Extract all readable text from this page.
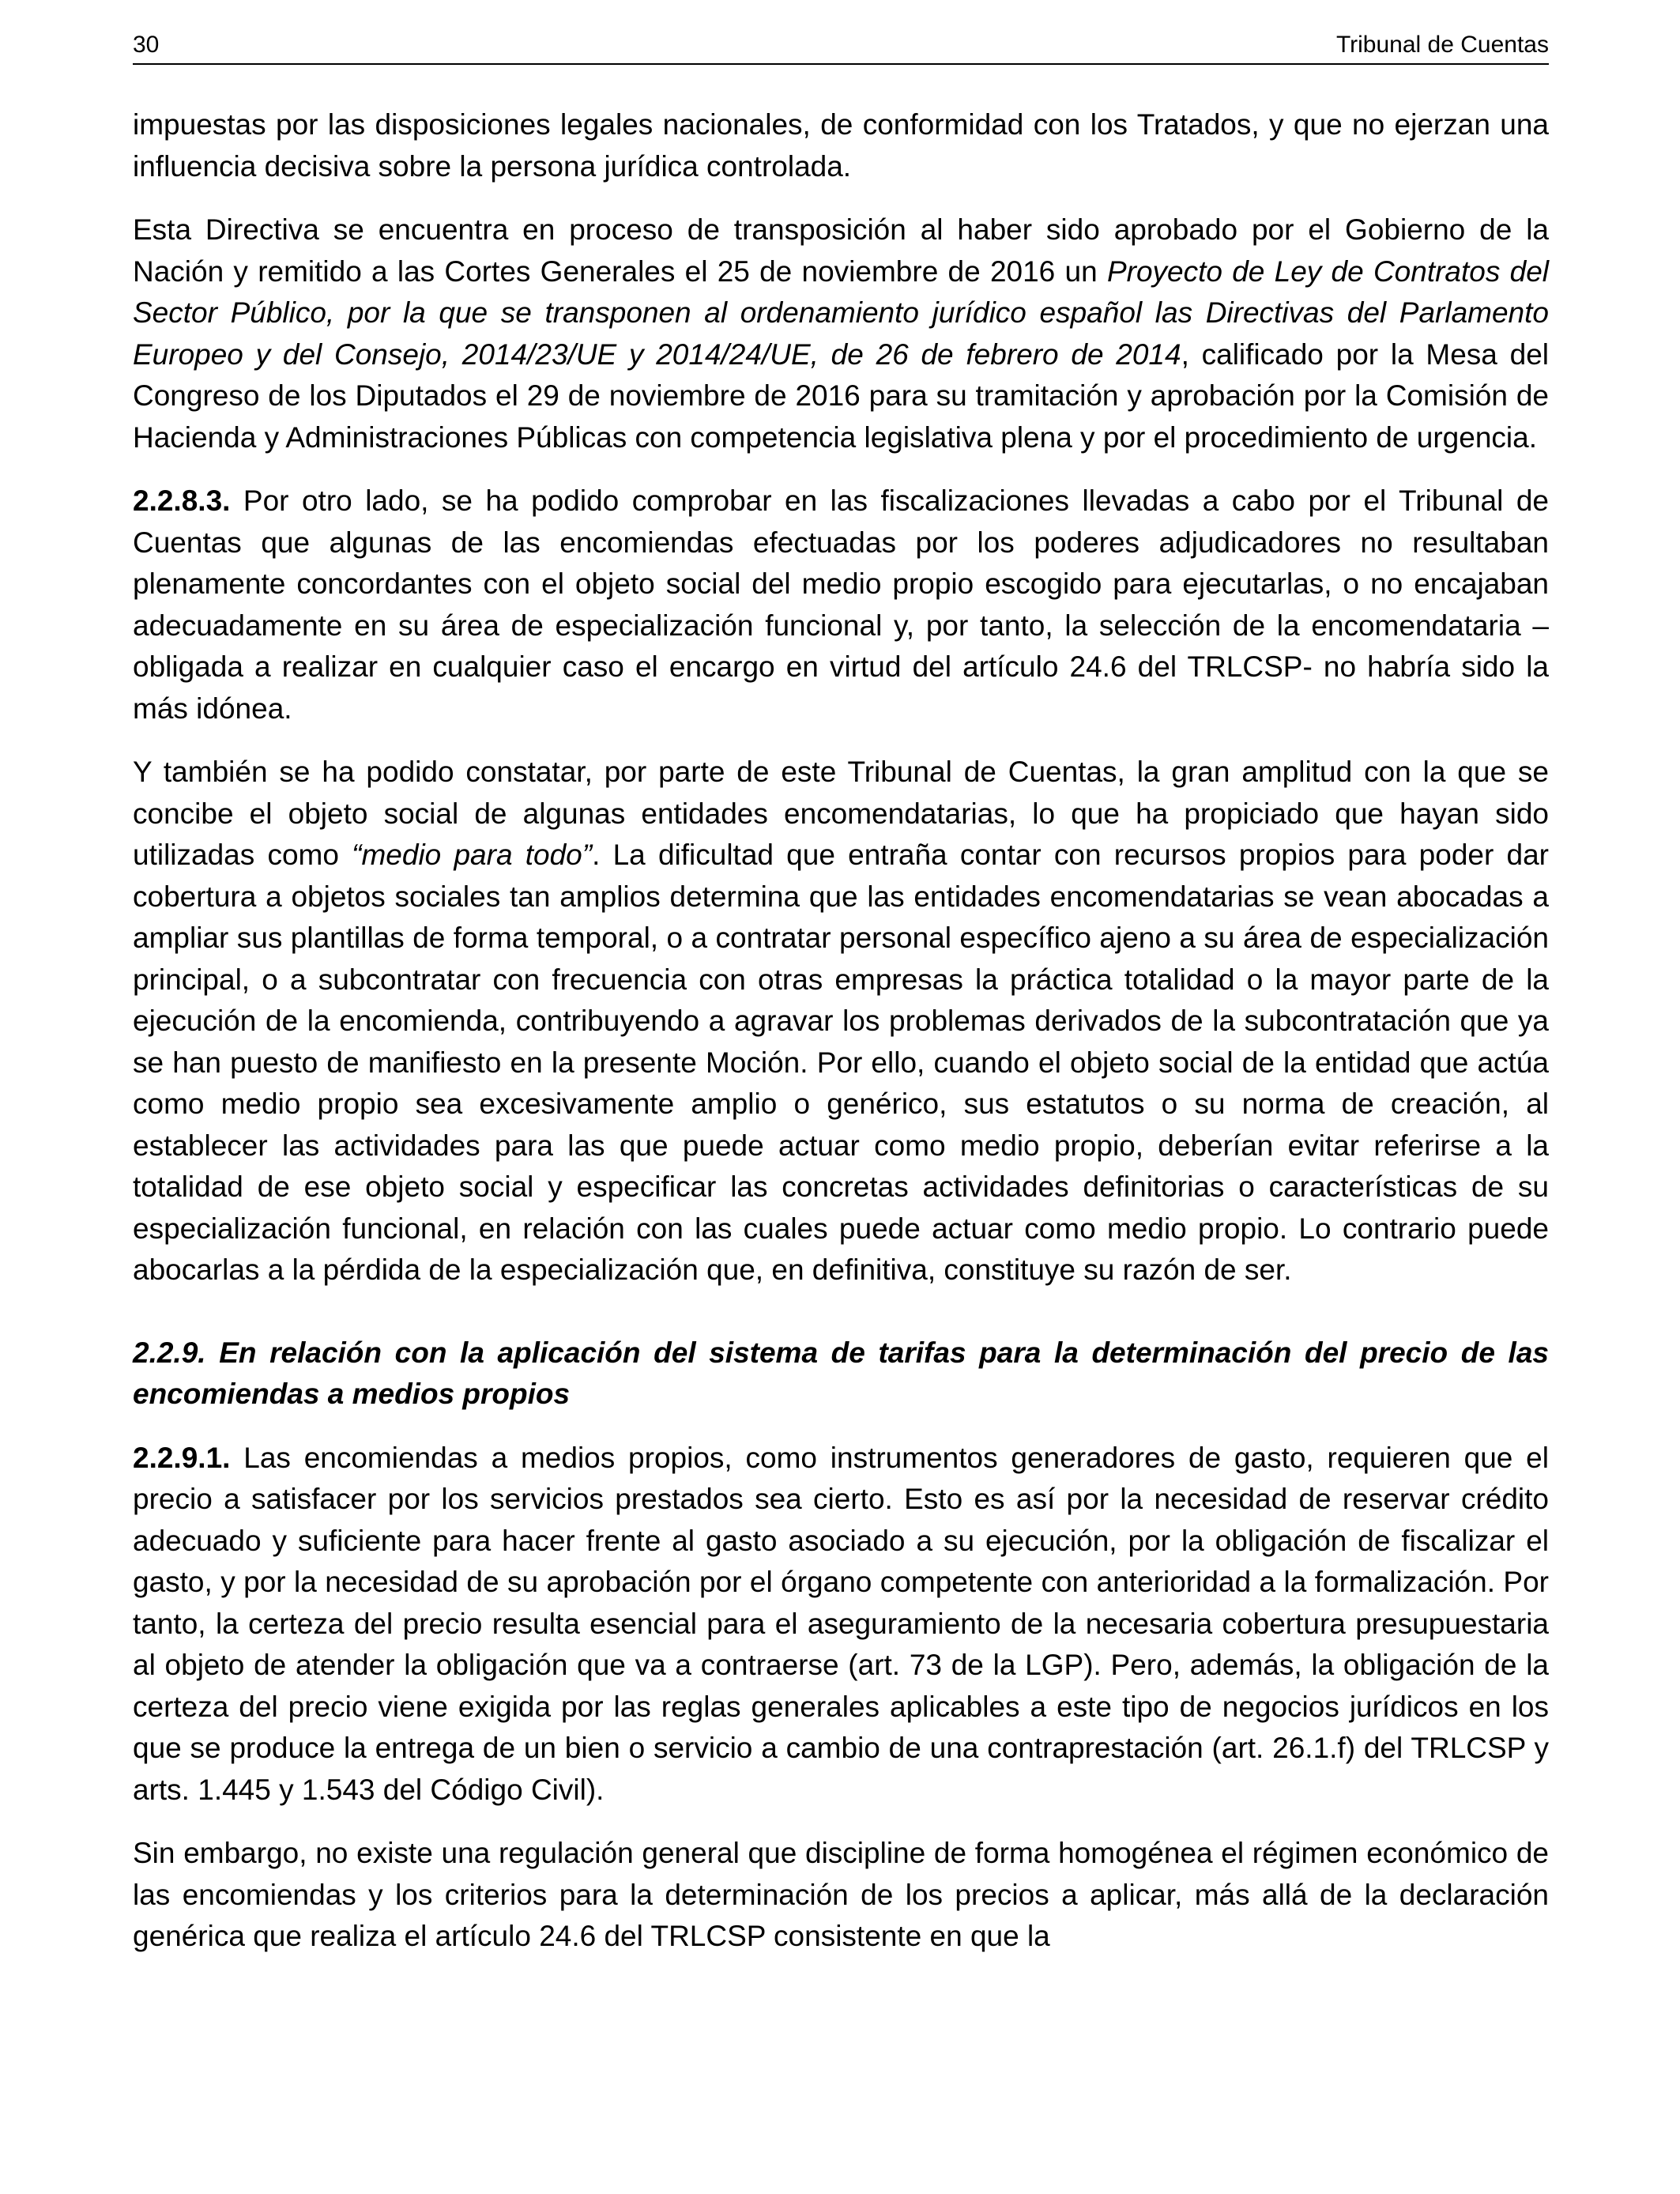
30	Tribunal de Cuentas

impuestas por las disposiciones legales nacionales, de conformidad con los Tratados, y que no ejerzan una influencia decisiva sobre la persona jurídica controlada.

Esta Directiva se encuentra en proceso de transposición al haber sido aprobado por el Gobierno de la Nación y remitido a las Cortes Generales el 25 de noviembre de 2016 un Proyecto de Ley de Contratos del Sector Público, por la que se transponen al ordenamiento jurídico español las Directivas del Parlamento Europeo y del Consejo, 2014/23/UE y 2014/24/UE, de 26 de febrero de 2014, calificado por la Mesa del Congreso de los Diputados el 29 de noviembre de 2016 para su tramitación y aprobación por la Comisión de Hacienda y Administraciones Públicas con competencia legislativa plena y por el procedimiento de urgencia.

2.2.8.3. Por otro lado, se ha podido comprobar en las fiscalizaciones llevadas a cabo por el Tribunal de Cuentas que algunas de las encomiendas efectuadas por los poderes adjudicadores no resultaban plenamente concordantes con el objeto social del medio propio escogido para ejecutarlas, o no encajaban adecuadamente en su área de especialización funcional y, por tanto, la selección de la encomendataria –obligada a realizar en cualquier caso el encargo en virtud del artículo 24.6 del TRLCSP- no habría sido la más idónea.

Y también se ha podido constatar, por parte de este Tribunal de Cuentas, la gran amplitud con la que se concibe el objeto social de algunas entidades encomendatarias, lo que ha propiciado que hayan sido utilizadas como “medio para todo”. La dificultad que entraña contar con recursos propios para poder dar cobertura a objetos sociales tan amplios determina que las entidades encomendatarias se vean abocadas a ampliar sus plantillas de forma temporal, o a contratar personal específico ajeno a su área de especialización principal, o a subcontratar con frecuencia con otras empresas la práctica totalidad o la mayor parte de la ejecución de la encomienda, contribuyendo a agravar los problemas derivados de la subcontratación que ya se han puesto de manifiesto en la presente Moción. Por ello, cuando el objeto social de la entidad que actúa como medio propio sea excesivamente amplio o genérico, sus estatutos o su norma de creación, al establecer las actividades para las que puede actuar como medio propio, deberían evitar referirse a la totalidad de ese objeto social y especificar las concretas actividades definitorias o características de su especialización funcional, en relación con las cuales puede actuar como medio propio. Lo contrario puede abocarlas a la pérdida de la especialización que, en definitiva, constituye su razón de ser.

2.2.9. En relación con la aplicación del sistema de tarifas para la determinación del precio de las encomiendas a medios propios

2.2.9.1. Las encomiendas a medios propios, como instrumentos generadores de gasto, requieren que el precio a satisfacer por los servicios prestados sea cierto. Esto es así por la necesidad de reservar crédito adecuado y suficiente para hacer frente al gasto asociado a su ejecución, por la obligación de fiscalizar el gasto, y por la necesidad de su aprobación por el órgano competente con anterioridad a la formalización. Por tanto, la certeza del precio resulta esencial para el aseguramiento de la necesaria cobertura presupuestaria al objeto de atender la obligación que va a contraerse (art. 73 de la LGP). Pero, además, la obligación de la certeza del precio viene exigida por las reglas generales aplicables a este tipo de negocios jurídicos en los que se produce la entrega de un bien o servicio a cambio de una contraprestación (art. 26.1.f) del TRLCSP y arts. 1.445 y 1.543 del Código Civil).

Sin embargo, no existe una regulación general que discipline de forma homogénea el régimen económico de las encomiendas y los criterios para la determinación de los precios a aplicar, más allá de la declaración genérica que realiza el artículo 24.6 del TRLCSP consistente en que la
